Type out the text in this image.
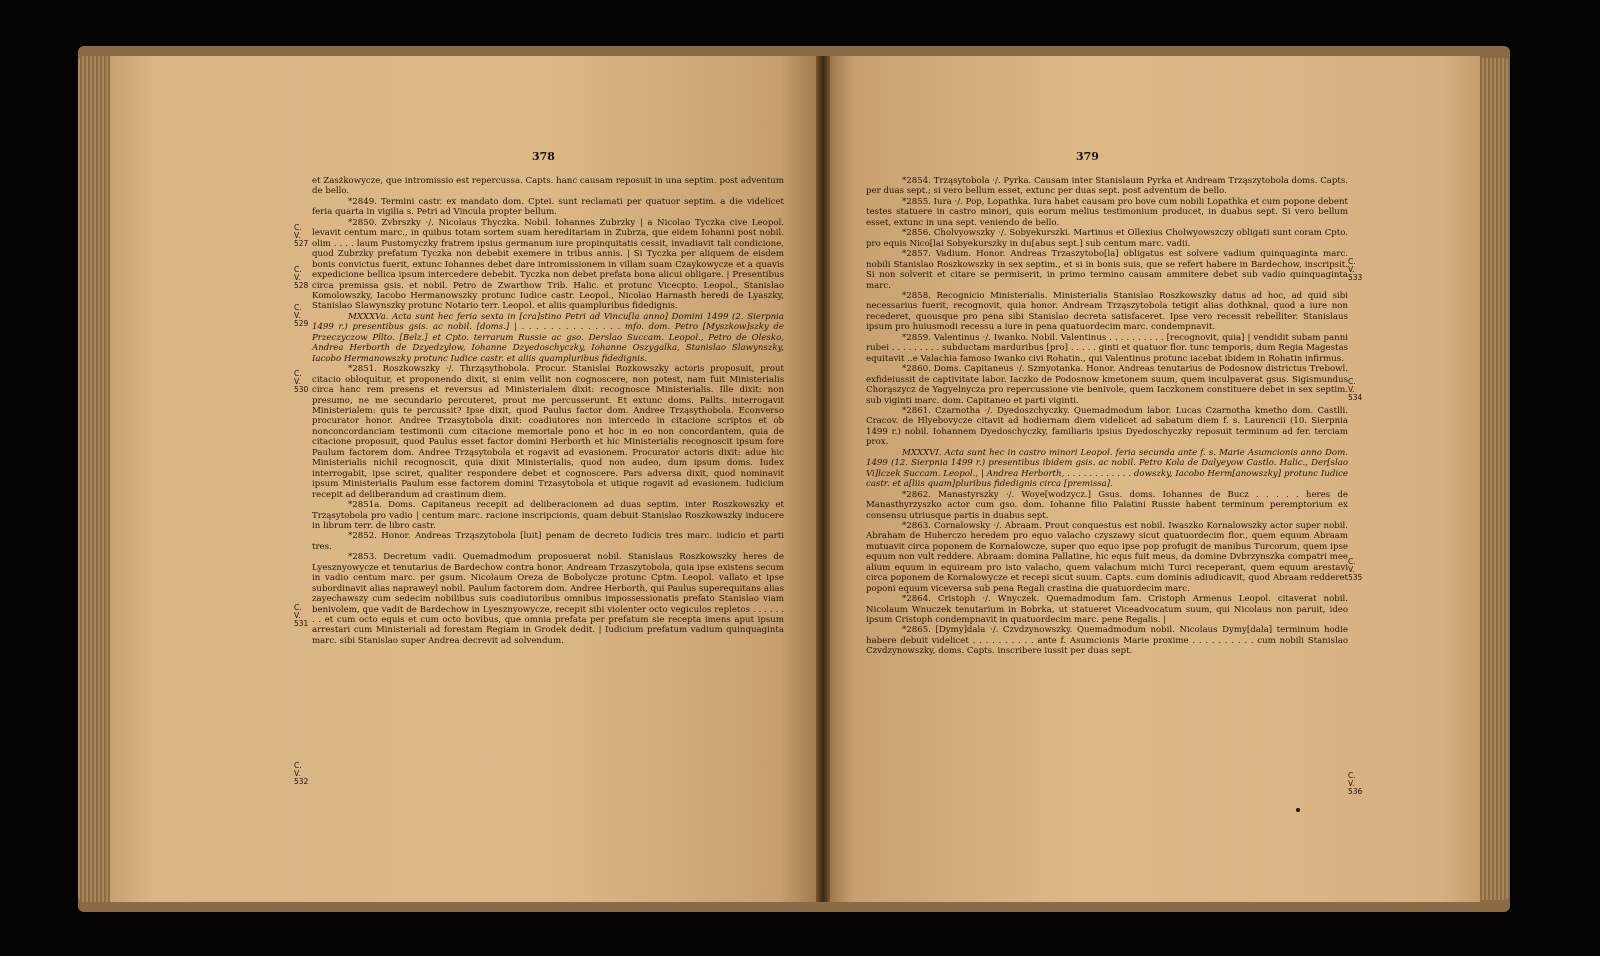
378	379

et Zasżkowycze, que intromissio est repercussa. Capts. hanc causam reposuit in una septim. post adventum de bello.

*2849. Termini castr. ex mandato dom. Cptei. sunt reclamati per quatuor septim. a die videlicet feria quarta in vigilia s. Petri ad Vincula propter bellum.

*2850. Zvbrszky ·/. Nicolaus Thyczka. Nobil. Iohannes Zubrzky | a Nicolao Tyczka cive Leopol. levavit centum marc., in quibus totam sortem suam hereditariam in Zubrza, que eidem Iohanni post nobil. olim . . . . laum Pustomyczky fratrem ipsius germanum iure propinquitatis cessit, invadiavit tali condicione, quod Zubrzky prefatum Tyczka non debebit exemere in tribus annis. | Si Tyczka per aliquem de eisdem bonis convictus fuerit, extunc Iohannes debet dare intromissionem in villam suam Czaykowycze et a quavis expedicione bellica ipsum intercedere debebit. Tyczka non debet prefata bona alicui obligare. | Presentibus circa premissa gsis. et nobil. Petro de Zwarthow Trib. Halic. et protunc Vicecpto. Leopol., Stanislao Komolowszky, Iacobo Hermanowszky protunc Iudice castr. Leopol., Nicolao Harnasth heredi de Lyaszky, Stanislao Slawynszky protunc Notario terr. Leopol. et aliis quampluribus fidedignis.

MXXXVa. Acta sunt hec feria sexta in [cra]stino Petri ad Vincu[la anno] Domini 1499 (2. Sierpnia 1499 r.) presentibus gsis. ac nobil. [doms.] | . . . . . . . . . . . . . . mfo. dom. Petro [Myszkow]szky de Przeczyczow Pllto. [Belz.] et Cpto. terrarum Russie ac gso. Derslao Succam. Leopol., Petro de Olesko, Andrea Herborth de Dzyedzylow, Iohanne Dzyedoschyczky, Iohanne Oszygalka, Stanislao Slawynszky, Iacobo Hermanowszky protunc Iudice castr. et aliis quampluribus fidedignis.

*2851. Roszkowszky ·/. Thrząsythobola. Procur. Stanislai Rozkowszky actoris proposuit, prout citacio obloquitur, et proponendo dixit, si enim vellit non cognoscere, non potest, nam fuit Ministerialis circa hanc rem presens et reversus ad Ministerialem dixit: recognosce Ministerialis. Ille dixit: non presumo, ne me secundario percuteret, prout me percusserunt. Et extunc doms. Pallts. interrogavit Ministerialem: quis te percussit? Ipse dixit, quod Paulus factor dom. Andree Trząsythobola. Econverso procurator honor. Andree Trzasytobola dixit: coadiutores non intercedo in citacione scriptos et ob nonconcordanciam testimonii cum citacione memoriale pono et hoc in eo non concordantem, quia de citacione proposuit, quod Paulus esset factor domini Herborth et hic Ministerialis recognoscit ipsum fore Paulum factorem dom. Andree Trząsytobola et rogavit ad evasionem. Procurator actoris dixit: adue hic Ministerialis nichil recognoscit, quia dixit Ministerialis, quod non audeo, dum ipsum doms. Iudex interrogabit, ipse sciret, qualiter respondere debet et cognoscere. Pars adversa dixit, quod nominavit ipsum Ministerialis Paulum esse factorem domini Trzasytobola et utique rogavit ad evasionem. Iudicium recepit ad deliberandum ad crastinum diem.

*2851a. Doms. Capitaneus recepit ad deliberacionem ad duas septim. inter Roszkowszky et Trząsytobola pro vadio | centum marc. racione inscripcionis, quam debuit Stanislao Roszkowszky inducere in librum terr. de libro castr.

*2852. Honor. Andreas Trząszytobola [luit] penam de decreto Iudicis tres marc. iudicio et parti tres.

*2853. Decretum vadii. Quemadmodum proposuerat nobil. Stanislaus Roszkowszky heres de Lyesznyowycze et tenutarius de Bardechow contra honor. Andream Trzaszytobola, quia ipse existens secum in vadio centum marc. per gsum. Nicolaum Oreza de Bobolycze protunc Cptm. Leopol. vallato et ipse subordinavit alias napraweyl nobil. Paulum factorem dom. Andree Herborth, qui Paulus superequitans alias zayechawszy cum sedecim nobilibus suis coadiutoribus omnibus impossessionatis prefato Stanislao viam benivolem, que vadit de Bardechow in Lyesznyowycze, recepit sibi violenter octo vegiculos repletos . . . . . . . . et cum octo equis et cum octo bovibus, que omnia prefata per prefatum sie recepta imens aput ipsum arrestari cum Ministeriali ad forestam Regiam in Grodek dedit. | Iudicium prefatum vadium quinquaginta marc. sibi Stanislao super Andrea decrevit ad solvendum.

*2854. Trząsytobola ·/. Pyrka. Causam inter Stanislaum Pyrka et Andream Trząszytobola doms. Capts. per duas sept.; si vero bellum esset, extunc per duas sept. post adventum de bello.

*2855. Iura ·/. Pop, Lopathka. Iura habet causam pro bove cum nobili Lopathka et cum popone debent testes statuere in castro minori, quis eorum melius testimonium producet, in duabus sept. Si vero bellum esset, extunc in una sept. veniendo de bello.

*2856. Cholvyowszky ·/. Sobyekurszki. Martinus et Ollexius Cholwyowszczy obligati sunt coram Cpto. pro equis Nico[lai Sobyekurszky in du[abus sept.] sub centum marc. vadii.

*2857. Vadium. Honor. Andreas Trzaszytobo[la] obligatus est solvere vadium quinquaginta marc. nobili Stanislao Roszkowszky in sex septim., et si in bonis suis, que se refert habere in Bardechow, inscripsit. Si non solverit et citare se permiserit, in primo termino causam ammitere debet sub vadio quinquaginta marc.

*2858. Recognicio Ministerialis. Ministerialis Stanislao Roszkowszky datus ad hoc, ad quid sibi necessarius fuerit, recognovit, quia honor. Andream Trząszytobola tetigit alias dothknal, quod a iure non recederet, quousque pro pena sibi Stanislao decreta satisfaceret. Ipse vero recessit rebelliter. Stanislaus ipsum pro huiusmodi recessu a iure in pena quatuordecim marc. condempnavit.

*2859. Valentinus ·/. Iwanko. Nobil. Valentinus . . . . . . . . . . [recognovit, quia] | vendidit subam panni rubei . . . . . . . . . subductam marduribus [pro] . . . . . ginti et quatuor flor. tunc temporis, dum Regia Magestas equitavit ..e Valachia famoso Iwanko civi Rohatin., qui Valentinus protunc iacebat ibidem in Rohatin infirmus.

*2860. Doms. Capitaneus ·/. Szmyotanka. Honor. Andreas tenutarius de Podosnow districtus Trebowl. exfideiussit de captivitate labor. Iaczko de Podosnow kmetonem suum, quem inculpaverat gsus. Sigismundus Chorąszycz de Yagyelnycza pro repercussione vie benivole, quem Iaczkonem constituere debet in sex septim. sub viginti marc. dom. Capitaneo et parti viginti.

*2861. Czarnotha ·/. Dyedoszchyczky. Quemadmodum labor. Lucas Czarnotha kmetho dom. Castlli. Cracov. de Hlyebovycze citavit ad hodiernam diem videlicet ad sabatum diem f. s. Laurencii (10. Sierpnia 1499 r.) nobil. Iohannem Dyedoschyczky, familiaris ipsius Dyedoschyczky reposuit terminum ad fer. terciam prox.

MXXXVI. Acta sunt hec in castro minori Leopol. feria secunda ante f. s. Marie Asumcionis anno Dom. 1499 (12. Sierpnia 1499 r.) presentibus ibidem gsis. ac nobil. Petro Kola de Dalyeyow Castlo. Halic., Der[slao Vi]lczek Succam. Leopol., | Andrea Herborth, . . . . . . . . . . . . dowszky, Iacobo Herm[anowszky] protunc Iudice castr. et a[liis quam]pluribus fidedignis circa [premissa].

*2862. Manastyrszky ·/. Woye[wodzycz.] Gsus. doms. Iohannes de Bucz . . . . . heres de Manasthyrzyszko actor cum gso. dom. Iohanne filio Palatini Russie habent terminum peremptorium ex consensu utriusque partis in duabus sept.

*2863. Cornalowsky ·/. Abraam. Prout conquestus est nobil. Iwaszko Kornalowszky actor super nobil. Abraham de Huherczo heredem pro equo valacho czyszawy sicut quatuordecim flor., quem equum Abraam mutuavit circa poponem de Kornalowcze, super quo equo ipse pop profugit de manibus Turcorum, quem ipse equum non vult reddere. Abraam: domina Pallatine, hic equs fuit meus, da domine Dvbrzynszka compatri mee alium equum in equiream pro isto valacho, quem valachum michi Turci receperant, quem equum arestavi circa poponem de Kornalowycze et recepi sicut suum. Capts. cum dominis adiudicavit, quod Abraam redderet poponi equum viceversa sub pena Regali crastina die quatuordecim marc.

*2864. Cristoph ·/. Wnyczek. Quemadmodum fam. Cristoph Armenus Leopol. citaverat nobil. Nicolaum Wnuczek tenutarium in Bobrka, ut statueret Viceadvocatum suum, qui Nicolaus non paruit, ideo ipsum Cristoph condempnavit in quatuordecim marc. pene Regalis. |

*2865. [Dymy]dala ·/. Czvdzynowszky. Quemadmodum nobil. Nicolaus Dymy[dala] terminum hodie habere debuit videlicet . . . . . . . . . . ante f. Asumcionis Marie proxime . . . . . . . . . . cum nobili Stanislao Czvdzynowszky, doms. Capts. inscribere iussit per duas sept.

C.
V.
527
C.
V.
528
C.
V.
529
C.
V.
530
C.
V.
531
C.
V.
532
C.
V.
533
C.
V.
534
C.
V.
535
C.
V.
536
